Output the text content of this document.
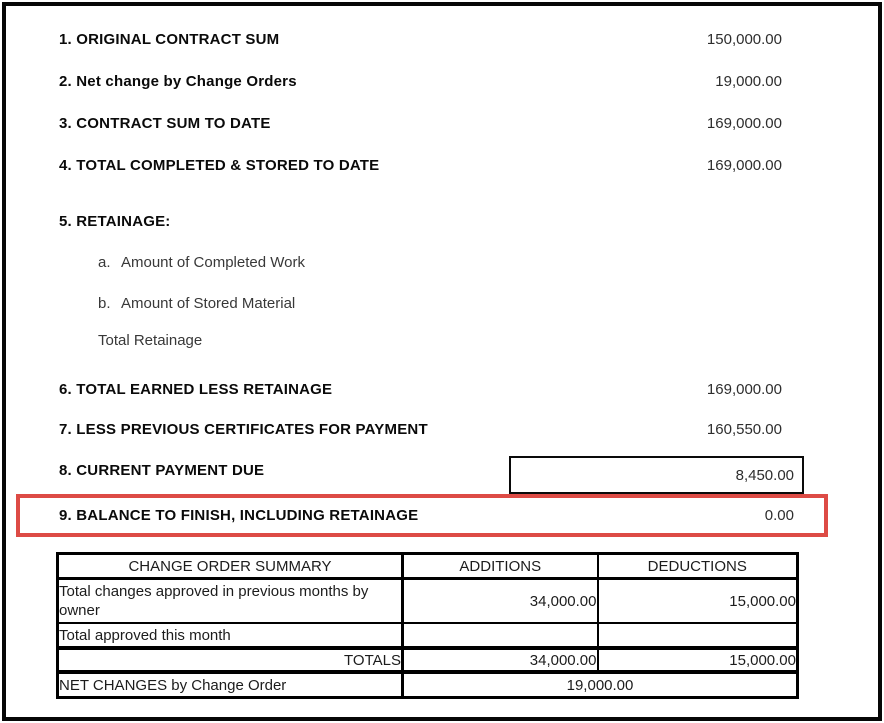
1. ORIGINAL CONTRACT SUM	150,000.00
2. Net change by Change Orders	19,000.00
3. CONTRACT SUM TO DATE	169,000.00
4. TOTAL COMPLETED & STORED TO DATE	169,000.00
5. RETAINAGE:
a. Amount of Completed Work
b. Amount of Stored Material
Total Retainage
6. TOTAL EARNED LESS RETAINAGE	169,000.00
7. LESS PREVIOUS CERTIFICATES FOR PAYMENT	160,550.00
8. CURRENT PAYMENT DUE	8,450.00
9. BALANCE TO FINISH, INCLUDING RETAINAGE	0.00
CHANGE ORDER SUMMARY	ADDITIONS	DEDUCTIONS

Total changes approved in previous months by owner	34,000.00	15,000.00
Total approved this month		
TOTALS	34,000.00	15,000.00
NET CHANGES by Change Order	19,000.00	
